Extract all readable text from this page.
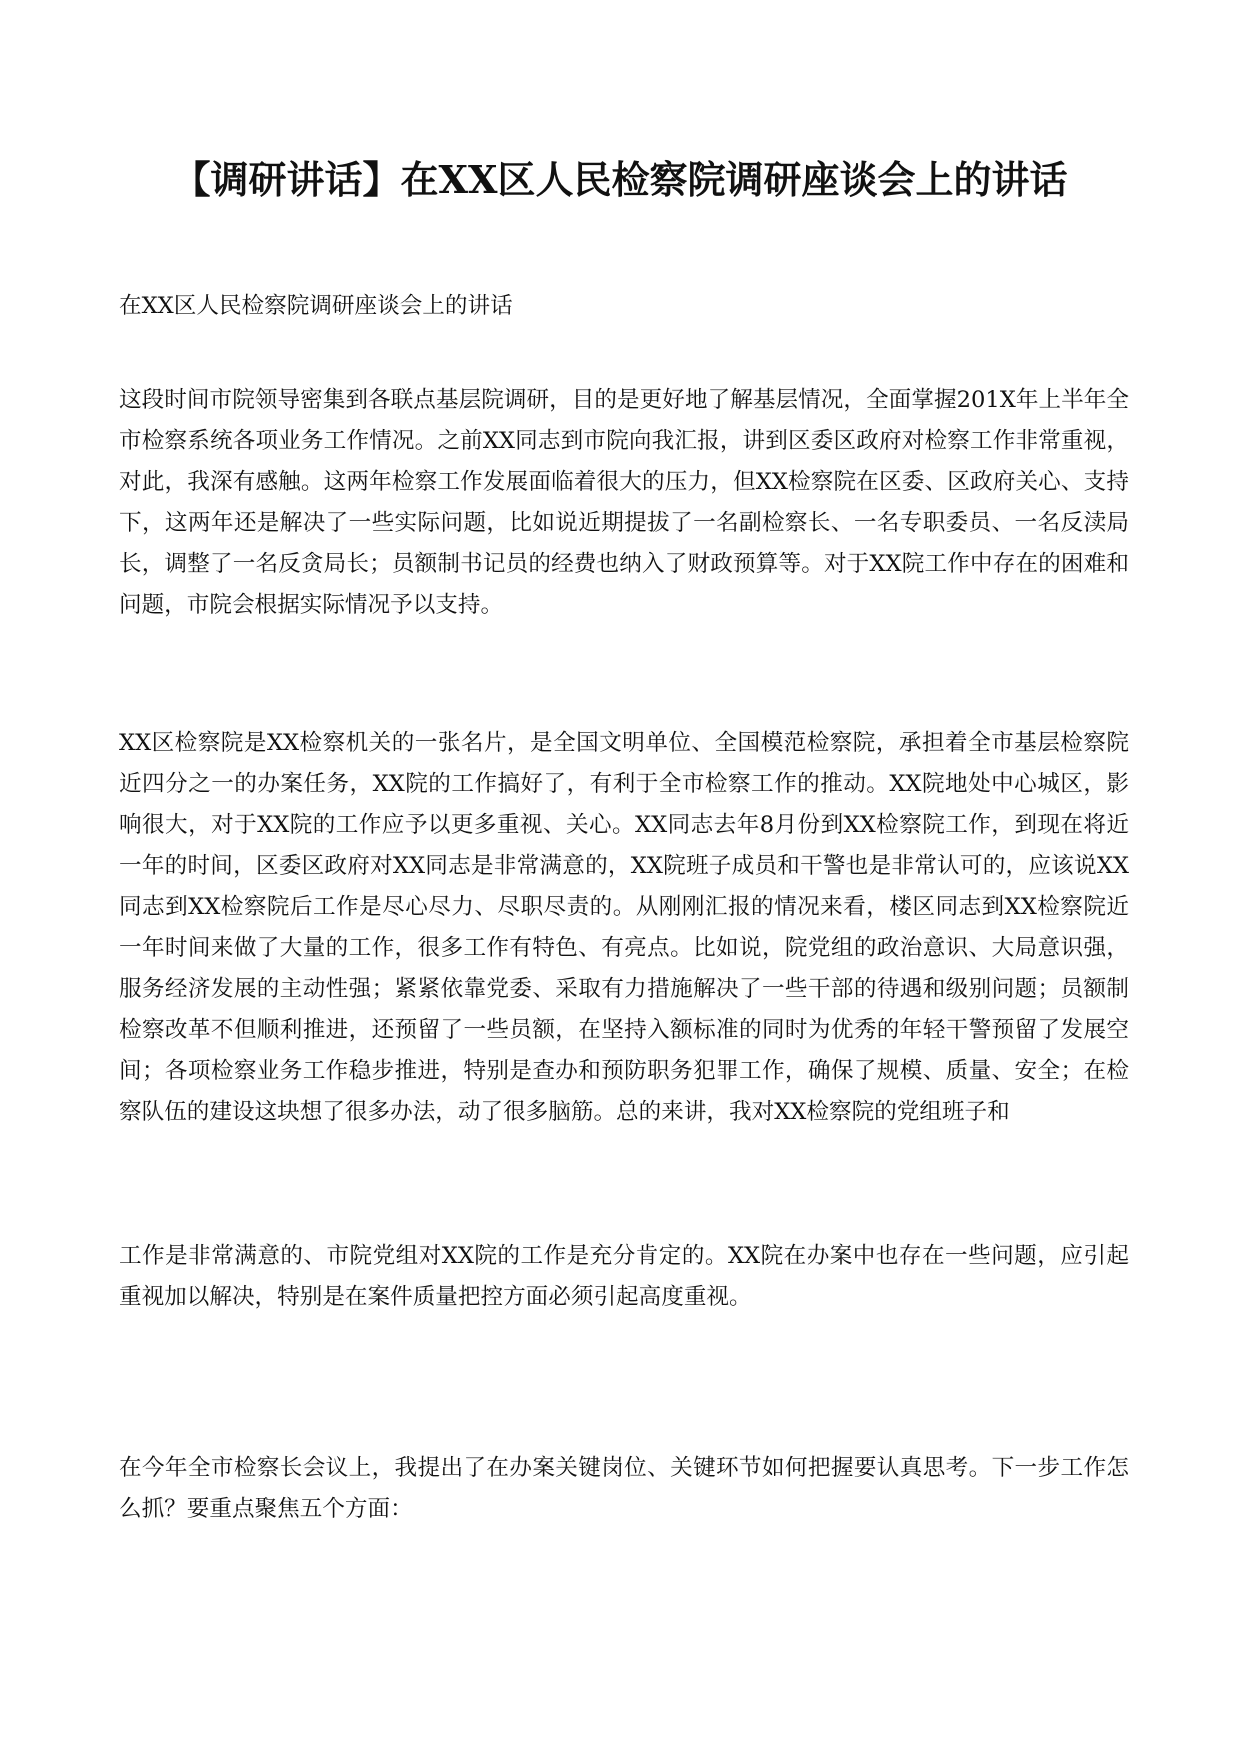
【调研讲话】在XX区人民检察院调研座谈会上的讲话

在XX区人民检察院调研座谈会上的讲话

这段时间市院领导密集到各联点基层院调研，目的是更好地了解基层情况，全面掌握201X年上半年全市检察系统各项业务工作情况。之前XX同志到市院向我汇报，讲到区委区政府对检察工作非常重视，对此，我深有感触。这两年检察工作发展面临着很大的压力，但XX检察院在区委、区政府关心、支持下，这两年还是解决了一些实际问题，比如说近期提拔了一名副检察长、一名专职委员、一名反渎局长，调整了一名反贪局长；员额制书记员的经费也纳入了财政预算等。对于XX院工作中存在的困难和问题，市院会根据实际情况予以支持。

XX区检察院是XX检察机关的一张名片，是全国文明单位、全国模范检察院，承担着全市基层检察院近四分之一的办案任务，XX院的工作搞好了，有利于全市检察工作的推动。XX院地处中心城区，影响很大，对于XX院的工作应予以更多重视、关心。XX同志去年8月份到XX检察院工作，到现在将近一年的时间，区委区政府对XX同志是非常满意的，XX院班子成员和干警也是非常认可的，应该说XX同志到XX检察院后工作是尽心尽力、尽职尽责的。从刚刚汇报的情况来看，楼区同志到XX检察院近一年时间来做了大量的工作，很多工作有特色、有亮点。比如说，院党组的政治意识、大局意识强，服务经济发展的主动性强；紧紧依靠党委、采取有力措施解决了一些干部的待遇和级别问题；员额制检察改革不但顺利推进，还预留了一些员额，在坚持入额标准的同时为优秀的年轻干警预留了发展空间；各项检察业务工作稳步推进，特别是查办和预防职务犯罪工作，确保了规模、质量、安全；在检察队伍的建设这块想了很多办法，动了很多脑筋。总的来讲，我对XX检察院的党组班子和

工作是非常满意的、市院党组对XX院的工作是充分肯定的。XX院在办案中也存在一些问题，应引起重视加以解决，特别是在案件质量把控方面必须引起高度重视。

在今年全市检察长会议上，我提出了在办案关键岗位、关键环节如何把握要认真思考。下一步工作怎么抓？要重点聚焦五个方面：
